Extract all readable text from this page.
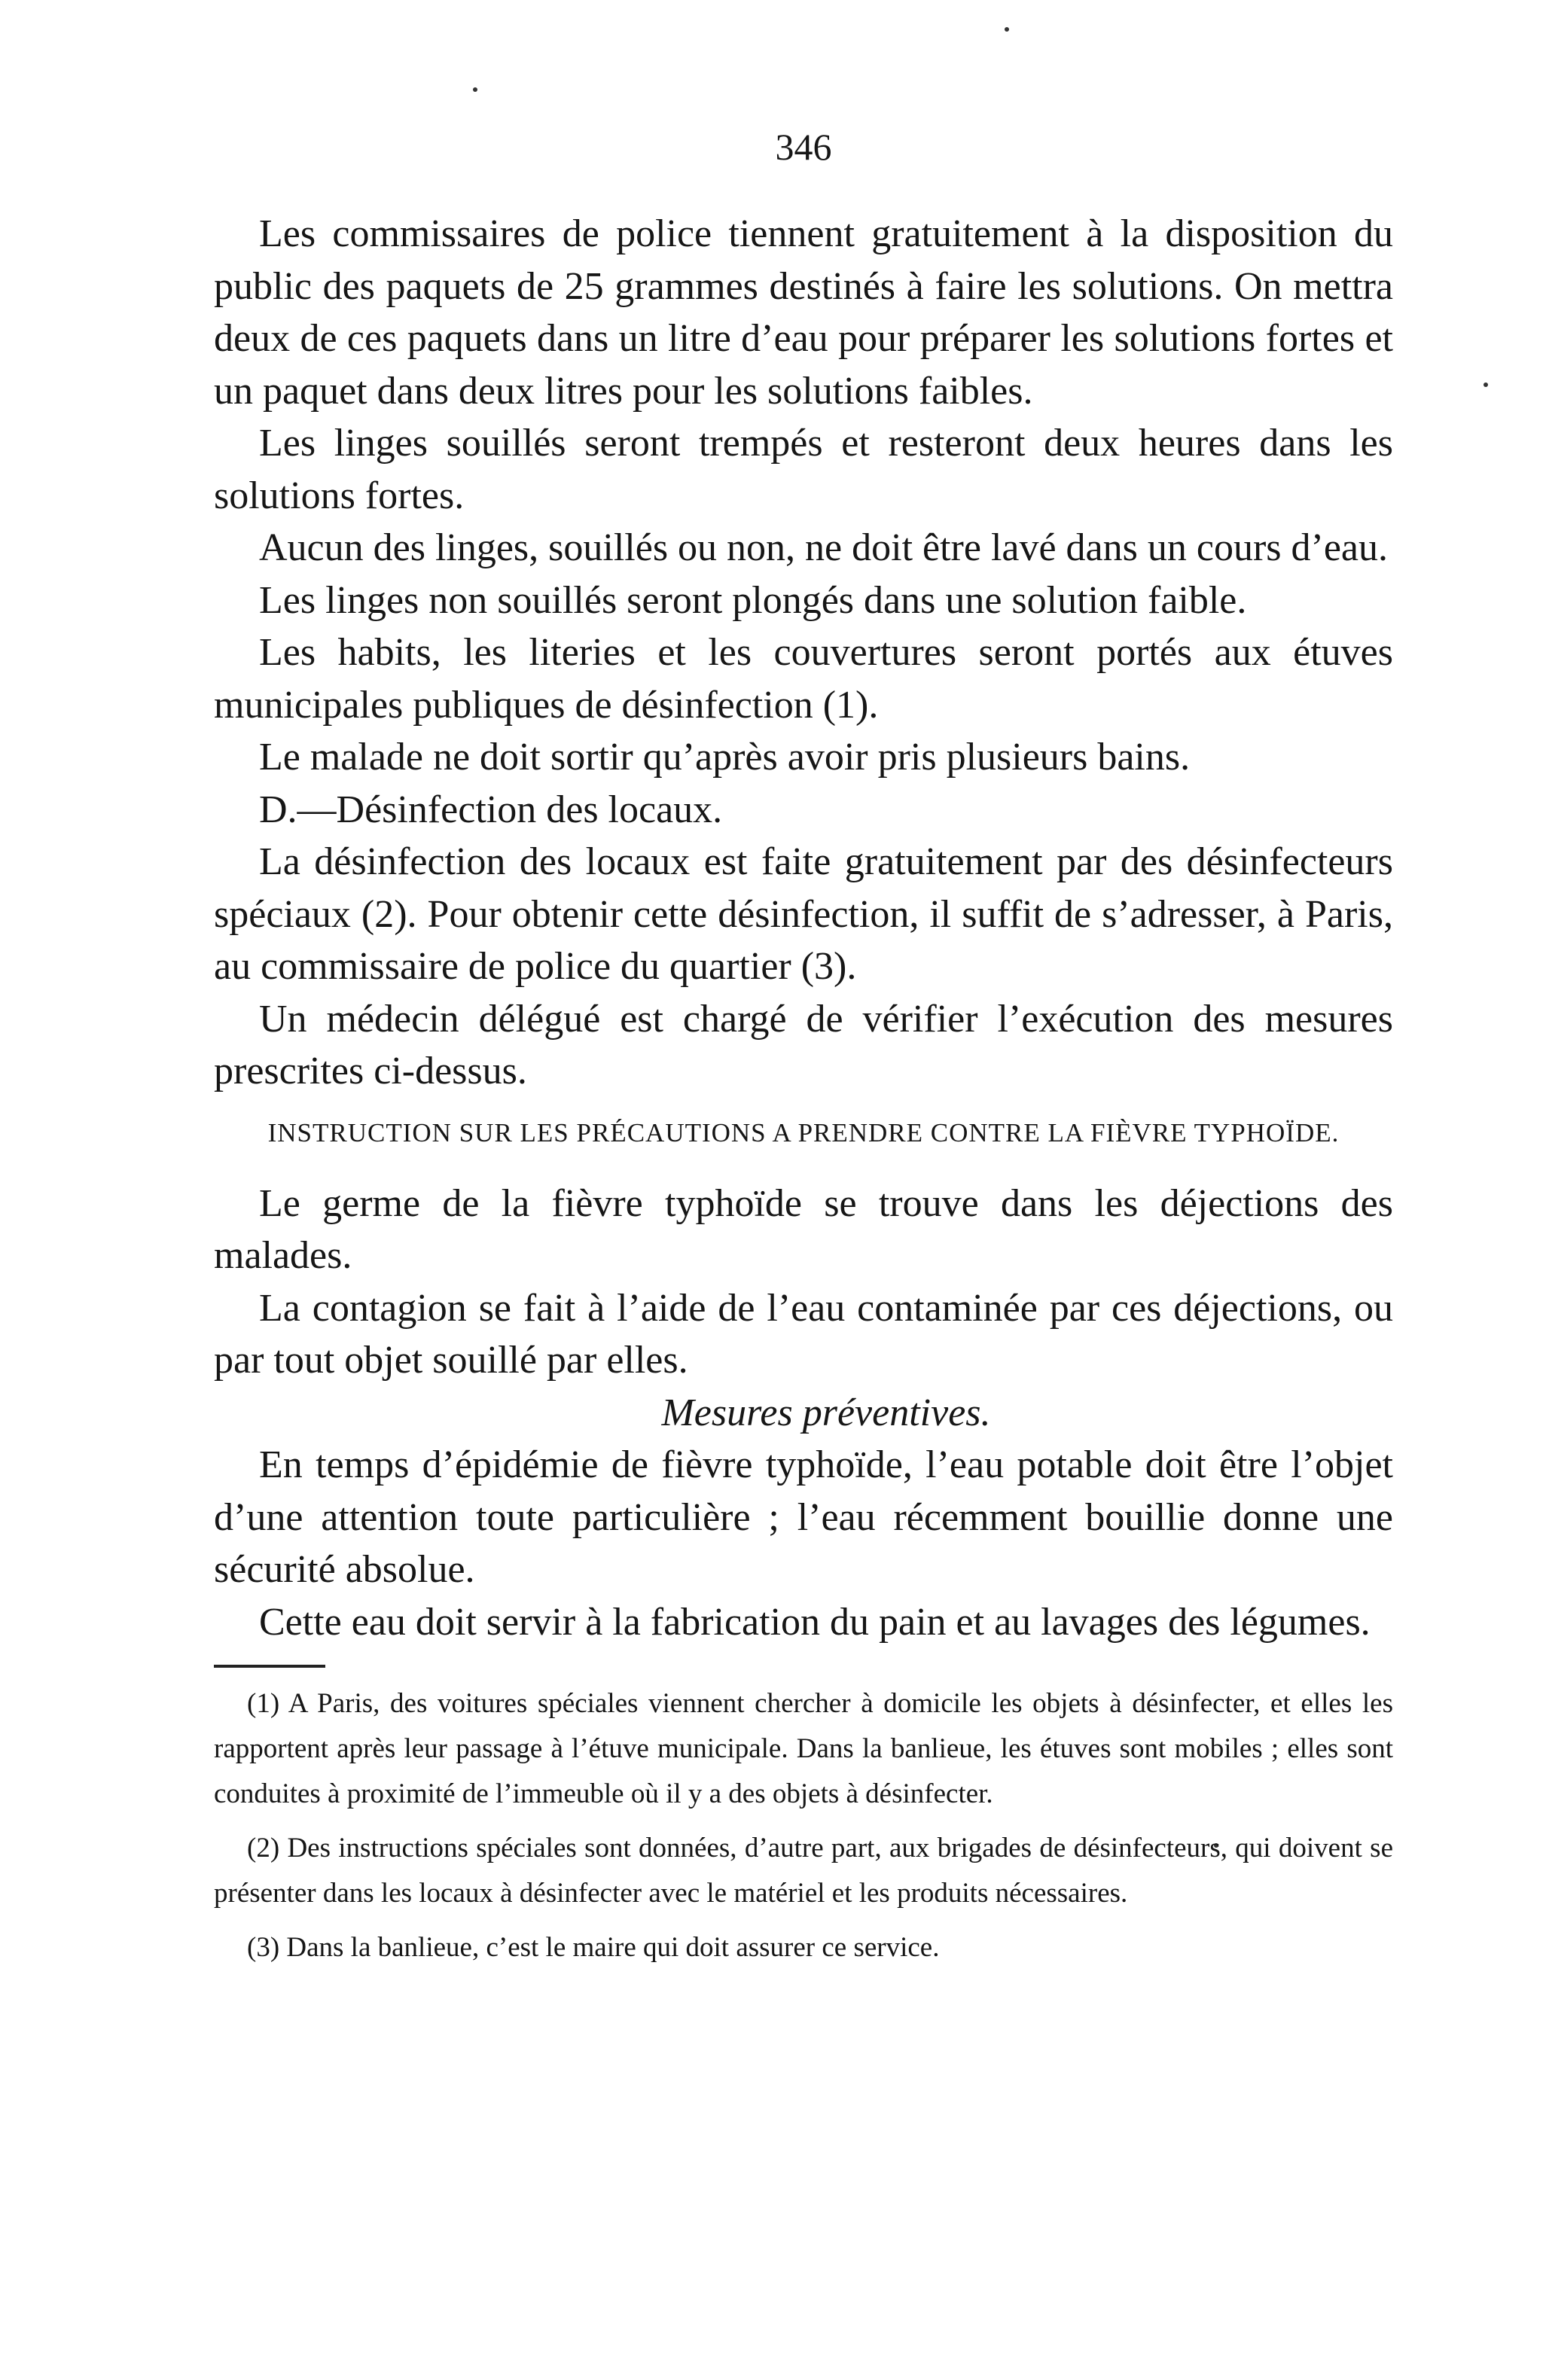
346

Les commissaires de police tiennent gratuitement à la disposition du public des paquets de 25 grammes destinés à faire les solutions. On mettra deux de ces paquets dans un litre d’eau pour préparer les solutions fortes et un paquet dans deux litres pour les solutions faibles.

Les linges souillés seront trempés et resteront deux heures dans les solutions fortes.

Aucun des linges, souillés ou non, ne doit être lavé dans un cours d’eau.

Les linges non souillés seront plongés dans une solution faible.

Les habits, les literies et les couvertures seront portés aux étuves municipales publiques de désinfection (1).

Le malade ne doit sortir qu’après avoir pris plusieurs bains.

D.—Désinfection des locaux.

La désinfection des locaux est faite gratuitement par des désinfecteurs spéciaux (2). Pour obtenir cette désinfection, il suffit de s’adresser, à Paris, au commissaire de police du quartier (3).

Un médecin délégué est chargé de vérifier l’exécution des mesures prescrites ci-dessus.

INSTRUCTION SUR LES PRÉCAUTIONS A PRENDRE CONTRE LA FIÈVRE TYPHOÏDE.

Le germe de la fièvre typhoïde se trouve dans les déjections des malades.

La contagion se fait à l’aide de l’eau contaminée par ces déjections, ou par tout objet souillé par elles.

Mesures préventives.

En temps d’épidémie de fièvre typhoïde, l’eau potable doit être l’objet d’une attention toute particulière ; l’eau récemment bouillie donne une sécurité absolue.

Cette eau doit servir à la fabrication du pain et au lavages des légumes.

(1) A Paris, des voitures spéciales viennent chercher à domicile les objets à désinfecter, et elles les rapportent après leur passage à l’étuve municipale. Dans la banlieue, les étuves sont mobiles ; elles sont conduites à proximité de l’immeuble où il y a des objets à désinfecter.

(2) Des instructions spéciales sont données, d’autre part, aux brigades de désinfecteurs, qui doivent se présenter dans les locaux à désinfecter avec le matériel et les produits nécessaires.

(3) Dans la banlieue, c’est le maire qui doit assurer ce service.
